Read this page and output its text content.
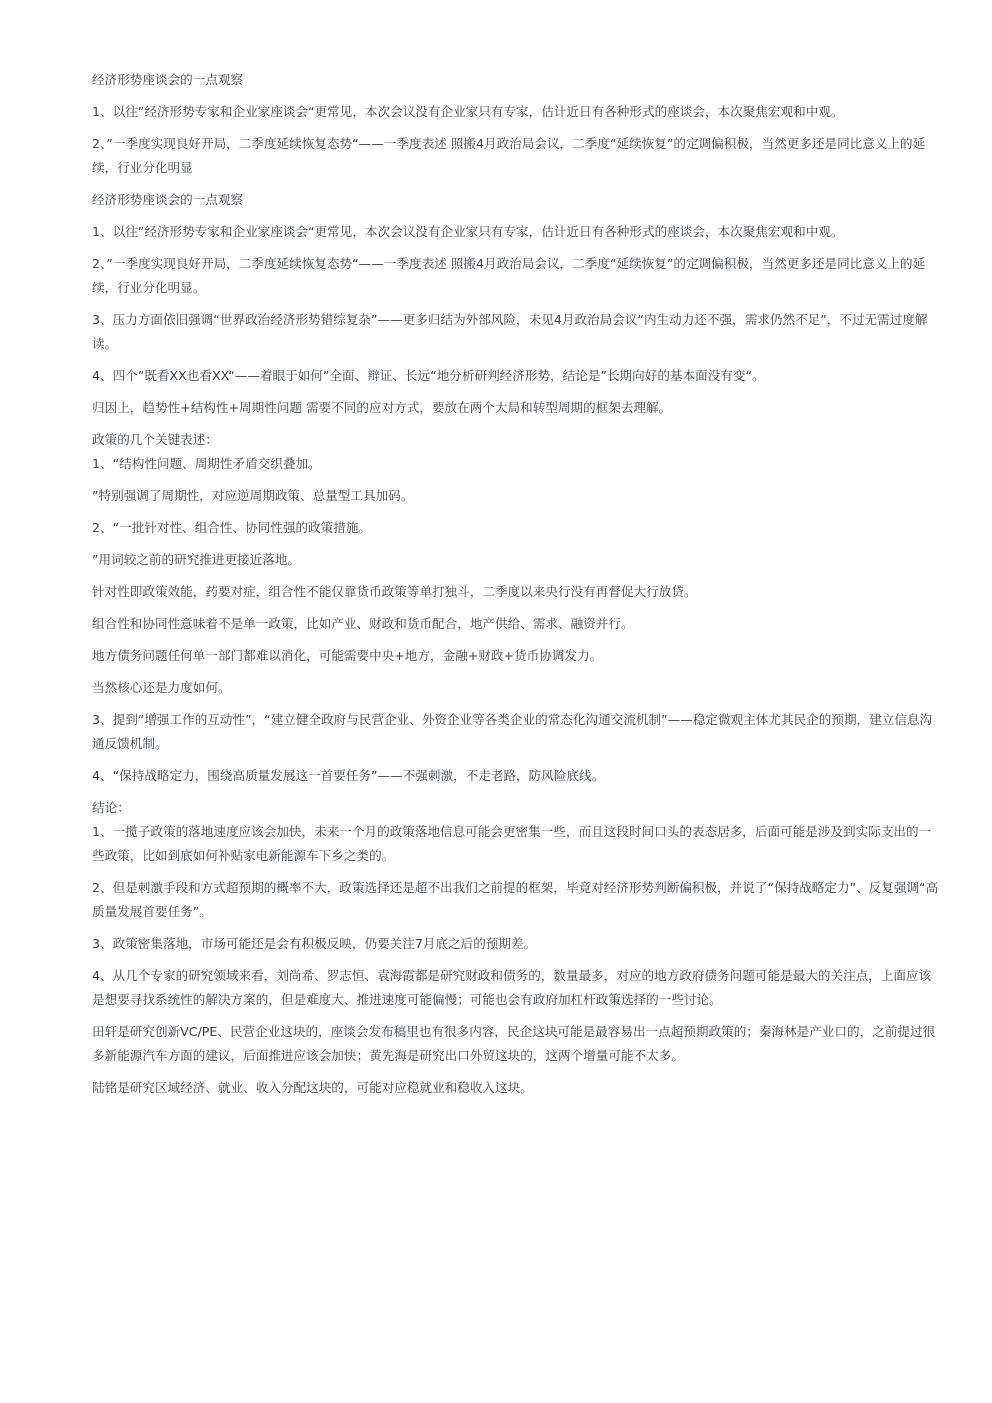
经济形势座谈会的一点观察

1、以往”经济形势专家和企业家座谈会“更常见，本次会议没有企业家只有专家，估计近日有各种形式的座谈会，本次聚焦宏观和中观。

2、”一季度实现良好开局，二季度延续恢复态势“——一季度表述 照搬4月政治局会议，二季度“延续恢复”的定调偏积极，当然更多还是同比意义上的延续，行业分化明显

经济形势座谈会的一点观察

1、以往”经济形势专家和企业家座谈会“更常见，本次会议没有企业家只有专家，估计近日有各种形式的座谈会，本次聚焦宏观和中观。

2、”一季度实现良好开局，二季度延续恢复态势“——一季度表述 照搬4月政治局会议，二季度“延续恢复”的定调偏积极，当然更多还是同比意义上的延续，行业分化明显。

3、压力方面依旧强调“世界政治经济形势错综复杂”——更多归结为外部风险，未见4月政治局会议“内生动力还不强，需求仍然不足”，不过无需过度解读。

4、四个”既看XX也看XX“——着眼于如何”全面、辩证、长远“地分析研判经济形势，结论是”长期向好的基本面没有变“。

归因上，趋势性+结构性+周期性问题 需要不同的应对方式，要放在两个大局和转型周期的框架去理解。

政策的几个关键表述：

1、“结构性问题、周期性矛盾交织叠加。

”特别强调了周期性，对应逆周期政策、总量型工具加码。

2、“一批针对性、组合性、协同性强的政策措施。

”用词较之前的研究推进更接近落地。

针对性即政策效能，药要对症，组合性不能仅靠货币政策等单打独斗，二季度以来央行没有再督促大行放贷。

组合性和协同性意味着不是单一政策，比如产业、财政和货币配合，地产供给、需求、融资并行。

地方债务问题任何单一部门都难以消化，可能需要中央+地方，金融+财政+货币协调发力。

当然核心还是力度如何。

3、提到“增强工作的互动性”，“建立健全政府与民营企业、外资企业等各类企业的常态化沟通交流机制”——稳定微观主体尤其民企的预期，建立信息沟通反馈机制。

4、“保持战略定力，围绕高质量发展这一首要任务”——不强刺激，不走老路，防风险底线。

结论：

1、一揽子政策的落地速度应该会加快，未来一个月的政策落地信息可能会更密集一些，而且这段时间口头的表态居多，后面可能是涉及到实际支出的一些政策，比如到底如何补贴家电新能源车下乡之类的。

2、但是刺激手段和方式超预期的概率不大，政策选择还是超不出我们之前提的框架，毕竟对经济形势判断偏积极，并说了“保持战略定力”、反复强调“高质量发展首要任务”。

3、政策密集落地，市场可能还是会有积极反映，仍要关注7月底之后的预期差。

4、从几个专家的研究领域来看，刘尚希、罗志恒、袁海霞都是研究财政和债务的，数量最多，对应的地方政府债务问题可能是最大的关注点，上面应该是想要寻找系统性的解决方案的，但是难度大、推进速度可能偏慢；可能也会有政府加杠杆政策选择的一些讨论。

田轩是研究创新VC/PE、民营企业这块的，座谈会发布稿里也有很多内容，民企这块可能是最容易出一点超预期政策的；秦海林是产业口的，之前提过很多新能源汽车方面的建议，后面推进应该会加快；黄先海是研究出口外贸这块的，这两个增量可能不太多。

陆铭是研究区域经济、就业、收入分配这块的，可能对应稳就业和稳收入这块。
